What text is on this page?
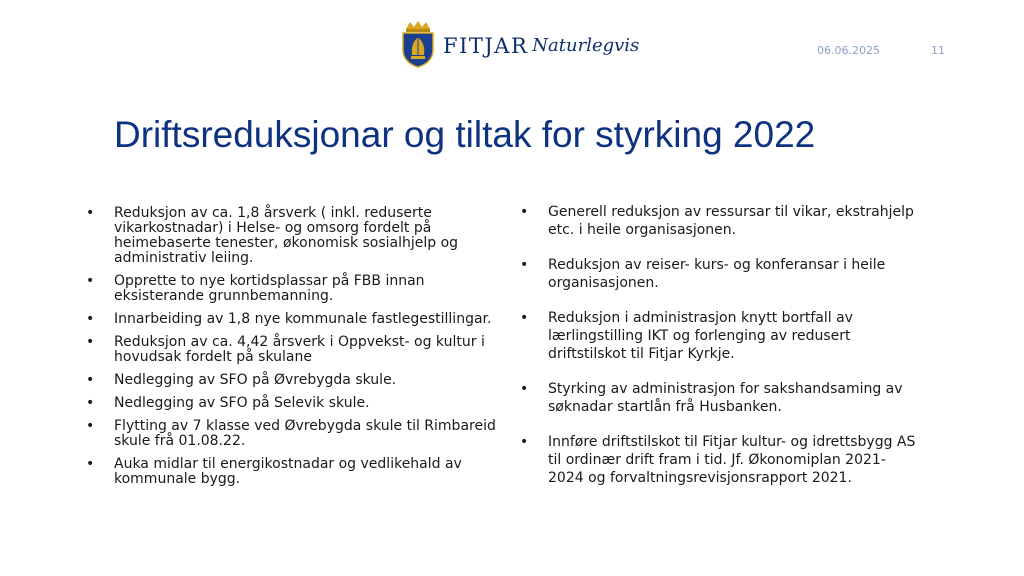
FITJAR Naturlegvis	06.06.2025	11
Driftsreduksjonar og tiltak for styrking 2022
• Reduksjon av ca. 1,8 årsverk ( inkl. reduserte vikarkostnadar) i Helse- og omsorg fordelt på heimebaserte tenester, økonomisk sosialhjelp og administrativ leiing.
• Opprette to nye kortidsplassar på FBB innan eksisterande grunnbemanning.
• Innarbeiding av 1,8 nye kommunale fastlegestillingar.
• Reduksjon av ca. 4,42 årsverk i Oppvekst- og kultur i hovudsak fordelt på skulane
• Nedlegging av SFO på Øvrebygda skule.
• Nedlegging av SFO på Selevik skule.
• Flytting av 7 klasse ved Øvrebygda skule til Rimbareid skule frå 01.08.22.
• Auka midlar til energikostnadar og vedlikehald av kommunale bygg.
• Generell reduksjon av ressursar til vikar, ekstrahjelp etc. i heile organisasjonen.
• Reduksjon av reiser- kurs- og konferansar i heile organisasjonen.
• Reduksjon i administrasjon knytt bortfall av lærlingstilling IKT og forlenging av redusert driftstilskot til Fitjar Kyrkje.
• Styrking av administrasjon for sakshandsaming av søknadar startlån frå Husbanken.
• Innføre driftstilskot til Fitjar kultur- og idrettsbygg AS til ordinær drift fram i tid. Jf. Økonomiplan 2021-2024 og forvaltningsrevisjonsrapport 2021.
